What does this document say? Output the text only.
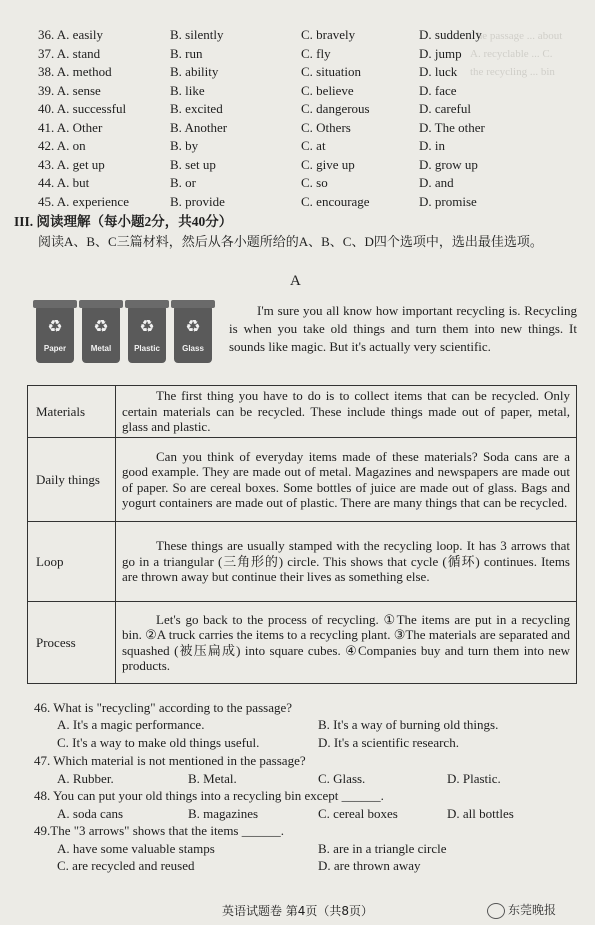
The passage ... about
A. recyclable ... C.
the recycling ... bin
36. A. easily	B. silently	C. bravely	D. suddenly
37. A. stand	B. run	C. fly	D. jump
38. A. method	B. ability	C. situation	D. luck
39. A. sense	B. like	C. believe	D. face
40. A. successful	B. excited	C. dangerous	D. careful
41. A. Other	B. Another	C. Others	D. The other
42. A. on	B. by	C. at	D. in
43. A. get up	B. set up	C. give up	D. grow up
44. A. but	B. or	C. so	D. and
45. A. experience	B. provide	C. encourage	D. promise
III. 阅读理解（每小题2分，共40分）
阅读A、B、C三篇材料，然后从各小题所给的A、B、C、D四个选项中，选出最佳选项。
A
♻
Paper
♻
Metal
♻
Plastic
♻
Glass
I'm sure you all know how important recycling is. Recycling is when you take old things and turn them into new things. It sounds like magic. But it's actually very scientific.
Materials	The first thing you have to do is to collect items that can be recycled. Only certain materials can be recycled. These include things made out of paper, metal, glass and plastic.
Daily things	Can you think of everyday items made of these materials? Soda cans are a good example. They are made out of metal. Magazines and newspapers are made out of paper. So are cereal boxes. Some bottles of juice are made out of glass. Bags and yogurt containers are made out of plastic. There are many things that can be recycled.
Loop	These things are usually stamped with the recycling loop. It has 3 arrows that go in a triangular (三角形的) circle. This shows that cycle (循环) continues. Items are thrown away but continue their lives as something else.
Process	Let's go back to the process of recycling. ①The items are put in a recycling bin. ②A truck carries the items to a recycling plant. ③The materials are separated and squashed (被压扁成) into square cubes. ④Companies buy and turn them into new products.
46. What is "recycling" according to the passage?
A. It's a magic performance.	B. It's a way of burning old things.
C. It's a way to make old things useful.	D. It's a scientific research.
47. Which material is not mentioned in the passage?
A. Rubber.	B. Metal.	C. Glass.	D. Plastic.
48. You can put your old things into a recycling bin except ______.
A. soda cans	B. magazines	C. cereal boxes	D. all bottles
49.The "3 arrows" shows that the items ______.
A. have some valuable stamps	B. are in a triangle circle
C. are recycled and reused	D. are thrown away
英语试题卷 第4页（共8页）	东莞晚报
